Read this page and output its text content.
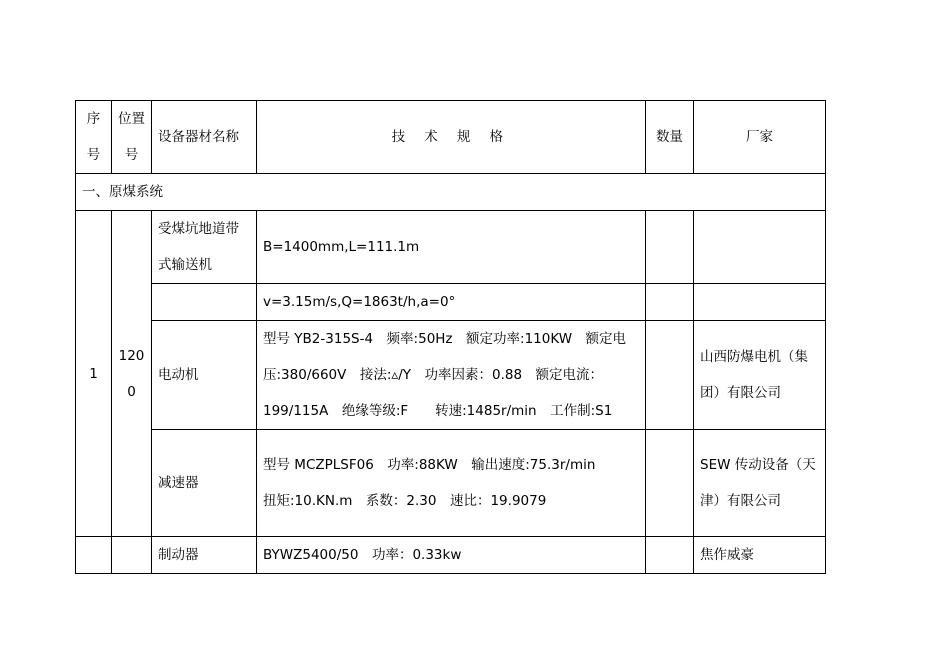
序号	位置号	设备器材名称	技 术 规 格	数量	厂家
一、原煤系统					
1	1200	受煤坑地道带式输送机	B=1400mm,L=111.1m		

			v=3.15m/s,Q=1863t/h,a=0°		

		电动机	型号 YB2-315S-4　频率:50Hz　额定功率:110KW　额定电
压:380/660V　接法:▵/Y　功率因素：0.88　额定电流：
199/115A　绝缘等级:F　　转速:1485r/min　工作制:S1		山西防爆电机（集团）有限公司
		减速器	型号 MCZPLSF06　功率:88KW　输出速度:75.3r/min
扭矩:10.KN.m　系数：2.30　速比：19.9079		SEW 传动设备（天津）有限公司
		制动器	BYWZ5400/50　功率：0.33kw		焦作威豪
